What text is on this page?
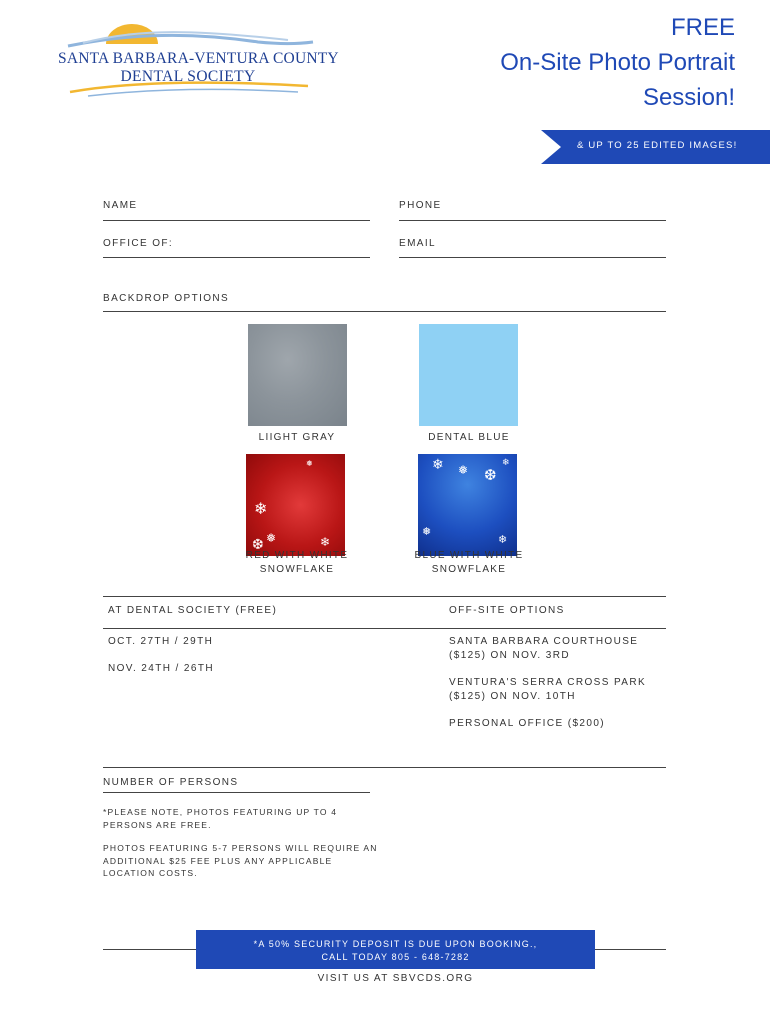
SANTA BARBARA-VENTURA COUNTY
DENTAL SOCIETY
FREE
On-Site Photo Portrait
Session!
& UP TO 25 EDITED IMAGES!
NAME	PHONE
OFFICE OF:	EMAIL
BACKDROP OPTIONS
LIIGHT GRAY	DENTAL BLUE
❄
❅
❆	❄
❅
RED WITH WHITE
SNOWFLAKE
❄ ❅ ❆
❄
❅
❄
BLUE WITH WHITE
SNOWFLAKE
AT DENTAL SOCIETY (FREE)	OFF-SITE OPTIONS
OCT. 27TH / 29TH
NOV. 24TH / 26TH
SANTA BARBARA COURTHOUSE
($125) ON NOV. 3RD
VENTURA'S SERRA CROSS PARK
($125) ON NOV. 10TH
PERSONAL OFFICE ($200)
NUMBER OF PERSONS
*PLEASE NOTE, PHOTOS FEATURING UP TO 4
PERSONS ARE FREE.
PHOTOS FEATURING 5-7 PERSONS WILL REQUIRE AN
ADDITIONAL $25 FEE PLUS ANY APPLICABLE
LOCATION COSTS.
*A 50% SECURITY DEPOSIT IS DUE UPON BOOKING.,
CALL TODAY 805 - 648-7282
VISIT US AT SBVCDS.ORG
